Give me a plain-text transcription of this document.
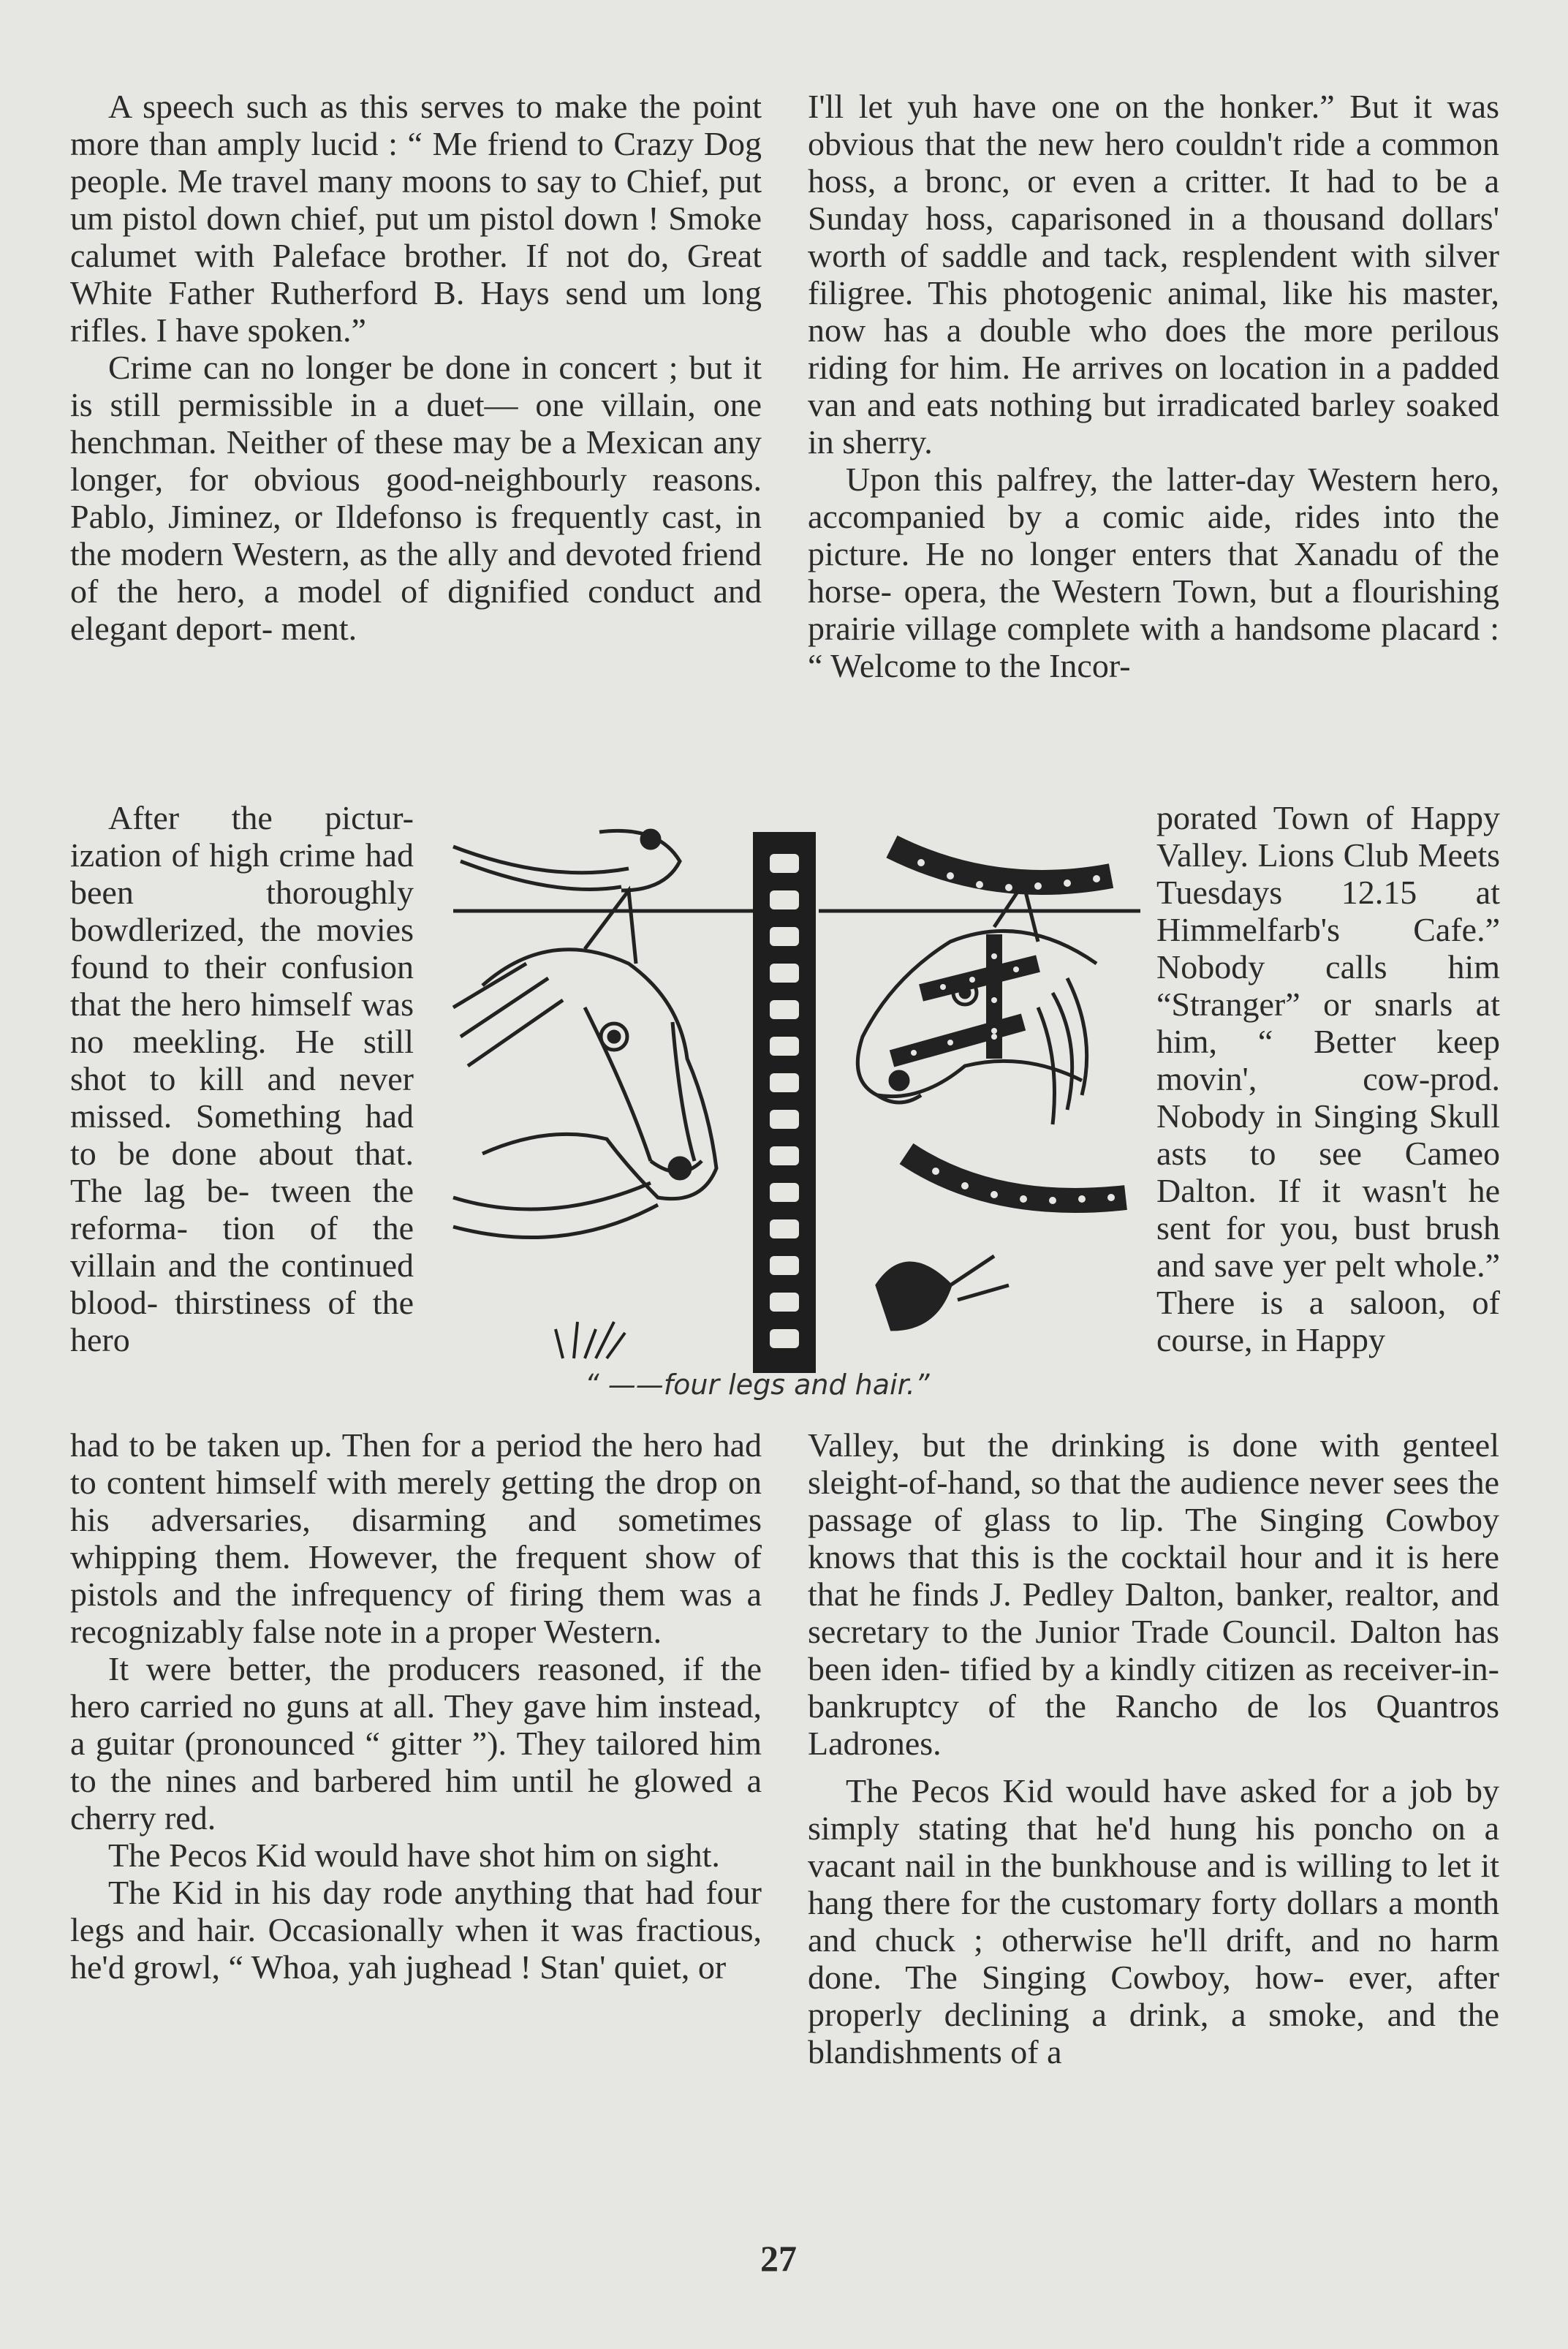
A speech such as this serves to make the point more than amply lucid : “ Me friend to Crazy Dog people. Me travel many moons to say to Chief, put um pistol down chief, put um pistol down ! Smoke calumet with Paleface brother. If not do, Great White Father Rutherford B. Hays send um long rifles. I have spoken.”

Crime can no longer be done in concert ; but it is still permissible in a duet— one villain, one henchman. Neither of these may be a Mexican any longer, for obvious good-neighbourly reasons. Pablo, Jiminez, or Ildefonso is frequently cast, in the modern Western, as the ally and devoted friend of the hero, a model of dignified conduct and elegant deport- ment.

After the pictur- ization of high crime had been thoroughly bowdlerized, the movies found to their confusion that the hero himself was no meekling. He still shot to kill and never missed. Something had to be done about that. The lag be- tween the reforma- tion of the villain and the continued blood- thirstiness of the hero

had to be taken up. Then for a period the hero had to content himself with merely getting the drop on his adversaries, disarming and sometimes whipping them. However, the frequent show of pistols and the infrequency of firing them was a recognizably false note in a proper Western.

It were better, the producers reasoned, if the hero carried no guns at all. They gave him instead, a guitar (pronounced “ gitter ”). They tailored him to the nines and barbered him until he glowed a cherry red.

The Pecos Kid would have shot him on sight.

The Kid in his day rode anything that had four legs and hair. Occasionally when it was fractious, he'd growl, “ Whoa, yah jughead ! Stan' quiet, or

I'll let yuh have one on the honker.” But it was obvious that the new hero couldn't ride a common hoss, a bronc, or even a critter. It had to be a Sunday hoss, caparisoned in a thousand dollars' worth of saddle and tack, resplendent with silver filigree. This photogenic animal, like his master, now has a double who does the more perilous riding for him. He arrives on location in a padded van and eats nothing but irradicated barley soaked in sherry.

Upon this palfrey, the latter-day Western hero, accompanied by a comic aide, rides into the picture. He no longer enters that Xanadu of the horse- opera, the Western Town, but a flourishing prairie village complete with a handsome placard : “ Welcome to the Incor-

porated Town of Happy Valley. Lions Club Meets Tuesdays 12.15 at Himmelfarb's Cafe.” Nobody calls him “Stranger” or snarls at him, “ Better keep movin', cow-prod. Nobody in Singing Skull asts to see Cameo Dalton. If it wasn't he sent for you, bust brush and save yer pelt whole.” There is a saloon, of course, in Happy

Valley, but the drinking is done with genteel sleight-of-hand, so that the audience never sees the passage of glass to lip. The Singing Cowboy knows that this is the cocktail hour and it is here that he finds J. Pedley Dalton, banker, realtor, and secretary to the Junior Trade Council. Dalton has been iden- tified by a kindly citizen as receiver-in- bankruptcy of the Rancho de los Quantros Ladrones.

The Pecos Kid would have asked for a job by simply stating that he'd hung his poncho on a vacant nail in the bunkhouse and is willing to let it hang there for the customary forty dollars a month and chuck ; otherwise he'll drift, and no harm done. The Singing Cowboy, how- ever, after properly declining a drink, a smoke, and the blandishments of a

“ ——four legs and hair.”
27
